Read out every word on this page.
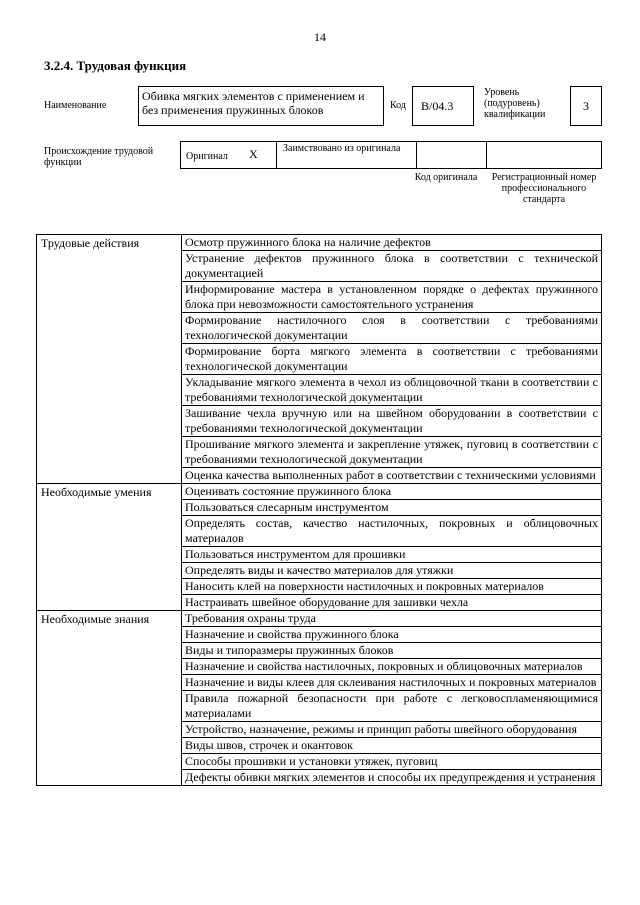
14
3.2.4. Трудовая функция
Наименование
Обивка мягких элементов с применением и без применения пружинных блоков	Код	B/04.3
Уровень (подуровень) квалификации
3
Происхождение трудовой функции
Оригинал X	Заимствовано из оригинала
Код оригинала	Регистрационный номер профессионального стандарта
Трудовые действия	Осмотр пружинного блока на наличие дефектов
	Устранение дефектов пружинного блока в соответствии с технической документацией
	Информирование мастера в установленном порядке о дефектах пружинного блока при невозможности самостоятельного устранения
	Формирование настилочного слоя в соответствии с требованиями технологической документации
	Формирование борта мягкого элемента в соответствии с требованиями технологической документации
	Укладывание мягкого элемента в чехол из облицовочной ткани в соответствии с требованиями технологической документации
	Зашивание чехла вручную или на швейном оборудовании в соответствии с требованиями технологической документации
	Прошивание мягкого элемента и закрепление утяжек, пуговиц в соответствии с требованиями технологической документации
	Оценка качества выполненных работ в соответствии с техническими условиями
Необходимые умения	Оценивать состояние пружинного блока
	Пользоваться слесарным инструментом
	Определять состав, качество настилочных, покровных и облицовочных материалов
	Пользоваться инструментом для прошивки
	Определять виды и качество материалов для утяжки
	Наносить клей на поверхности настилочных и покровных материалов
	Настраивать швейное оборудование для зашивки чехла
Необходимые знания	Требования охраны труда
	Назначение и свойства пружинного блока
	Виды и типоразмеры пружинных блоков
	Назначение и свойства настилочных, покровных и облицовочных материалов
	Назначение и виды клеев для склеивания настилочных и покровных материалов
	Правила пожарной безопасности при работе с легковоспламеняющимися материалами
	Устройство, назначение, режимы и принцип работы швейного оборудования
	Виды швов, строчек и окантовок
	Способы прошивки и установки утяжек, пуговиц
	Дефекты обивки мягких элементов и способы их предупреждения и устранения
